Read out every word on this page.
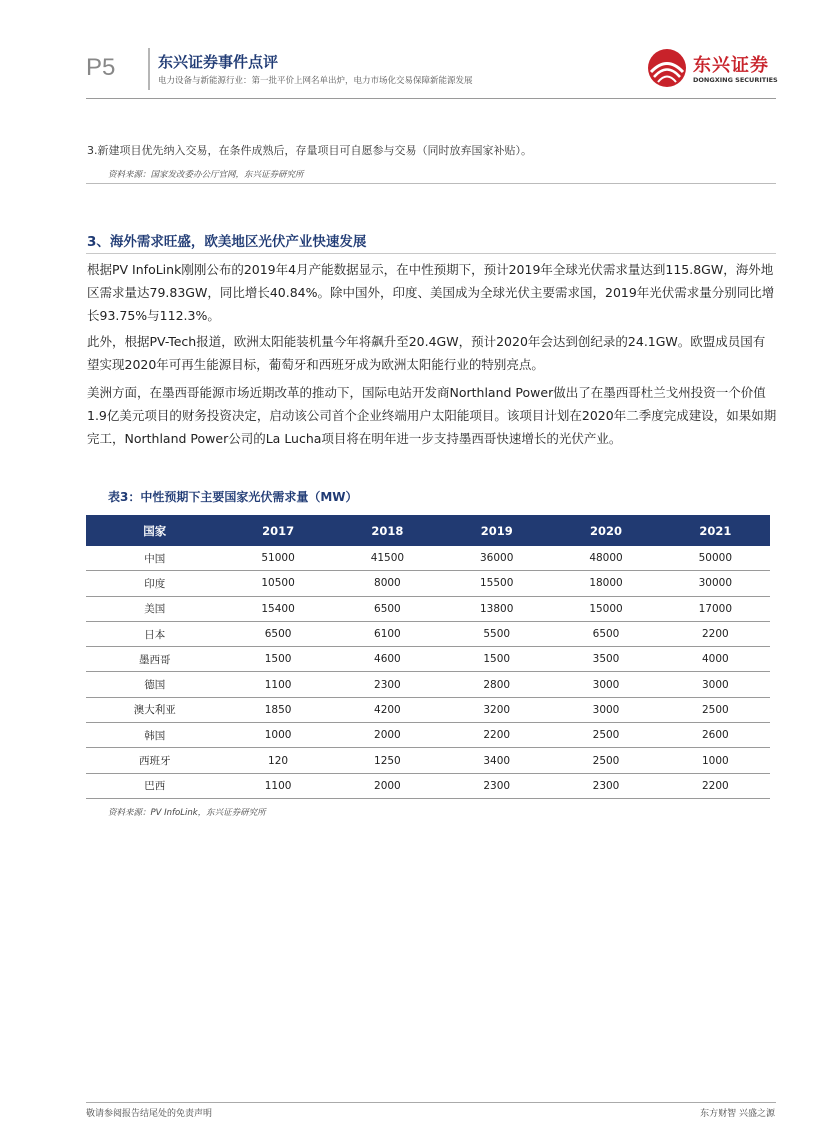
P5	东兴证券事件点评
电力设备与新能源行业：第一批平价上网名单出炉，电力市场化交易保障新能源发展
东兴证券
DONGXING SECURITIES
3.新建项目优先纳入交易，在条件成熟后，存量项目可自愿参与交易（同时放弃国家补贴）。
资料来源：国家发改委办公厅官网，东兴证券研究所
3、海外需求旺盛，欧美地区光伏产业快速发展

根据PV InfoLink刚刚公布的2019年4月产能数据显示，在中性预期下，预计2019年全球光伏需求量达到115.8GW，海外地区需求量达79.83GW，同比增长40.84%。除中国外，印度、美国成为全球光伏主要需求国，2019年光伏需求量分别同比增长93.75%与112.3%。

此外，根据PV-Tech报道，欧洲太阳能装机量今年将飙升至20.4GW，预计2020年会达到创纪录的24.1GW。欧盟成员国有望实现2020年可再生能源目标，葡萄牙和西班牙成为欧洲太阳能行业的特别亮点。

美洲方面，在墨西哥能源市场近期改革的推动下，国际电站开发商Northland Power做出了在墨西哥杜兰戈州投资一个价值1.9亿美元项目的财务投资决定，启动该公司首个企业终端用户太阳能项目。该项目计划在2020年二季度完成建设，如果如期完工，Northland Power公司的La Lucha项目将在明年进一步支持墨西哥快速增长的光伏产业。

表3：中性预期下主要国家光伏需求量（MW）
国家	2017	2018	2019	2020	2021
中国	51000	41500	36000	48000	50000
印度	10500	8000	15500	18000	30000
美国	15400	6500	13800	15000	17000
日本	6500	6100	5500	6500	2200
墨西哥	1500	4600	1500	3500	4000
德国	1100	2300	2800	3000	3000
澳大利亚	1850	4200	3200	3000	2500
韩国	1000	2000	2200	2500	2600
西班牙	120	1250	3400	2500	1000
巴西	1100	2000	2300	2300	2200
资料来源：PV InfoLink，东兴证券研究所
敬请参阅报告结尾处的免责声明	东方财智 兴盛之源
